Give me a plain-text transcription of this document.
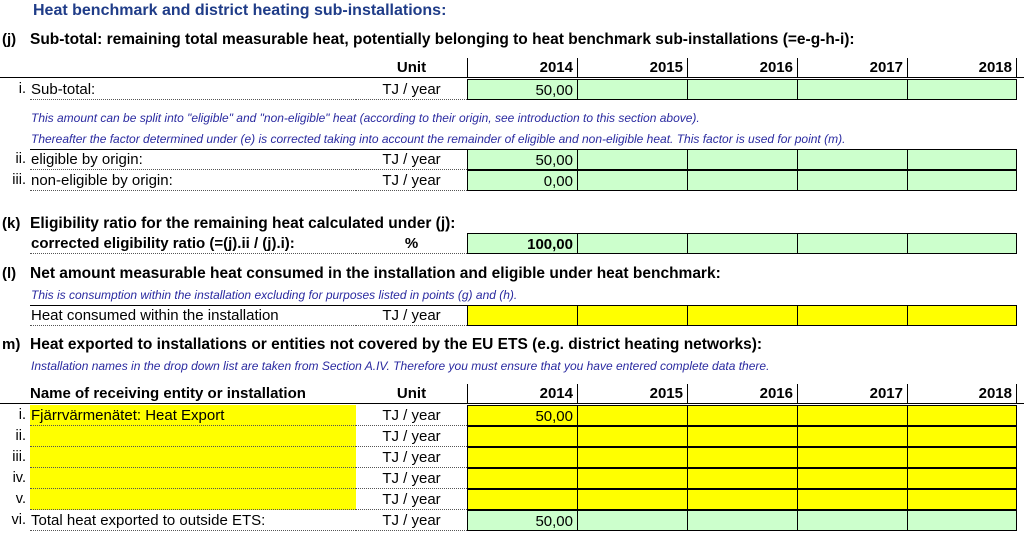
Heat benchmark and district heating sub-installations:
(j) Sub-total: remaining total measurable heat, potentially belonging to heat benchmark sub-installations (=e-g-h-i):
Unit	2014	2015	2016	2017	2018
i. Sub-total:	TJ / year	50,00
This amount can be split into "eligible" and "non-eligible" heat (according to their origin, see introduction to this section above).
Thereafter the factor determined under (e) is corrected taking into account the remainder of eligible and non-eligible heat. This factor is used for point (m).
ii. eligible by origin:	TJ / year	50,00
iii. non-eligible by origin:	TJ / year	0,00
(k) Eligibility ratio for the remaining heat calculated under (j):
corrected eligibility ratio (=(j).ii / (j).i):	%	100,00
(l) Net amount measurable heat consumed in the installation and eligible under heat benchmark:
This is consumption within the installation excluding for purposes listed in points (g) and (h).
Heat consumed within the installation	TJ / year
m) Heat exported to installations or entities not covered by the EU ETS (e.g. district heating networks):
Installation names in the drop down list are taken from Section A.IV. Therefore you must ensure that you have entered complete data there.
Name of receiving entity or installation	Unit	2014	2015	2016	2017	2018
i. Fjärrvärmenätet: Heat Export	TJ / year	50,00
ii.	TJ / year
iii.	TJ / year
iv.	TJ / year
v.	TJ / year
vi. Total heat exported to outside ETS:	TJ / year	50,00
